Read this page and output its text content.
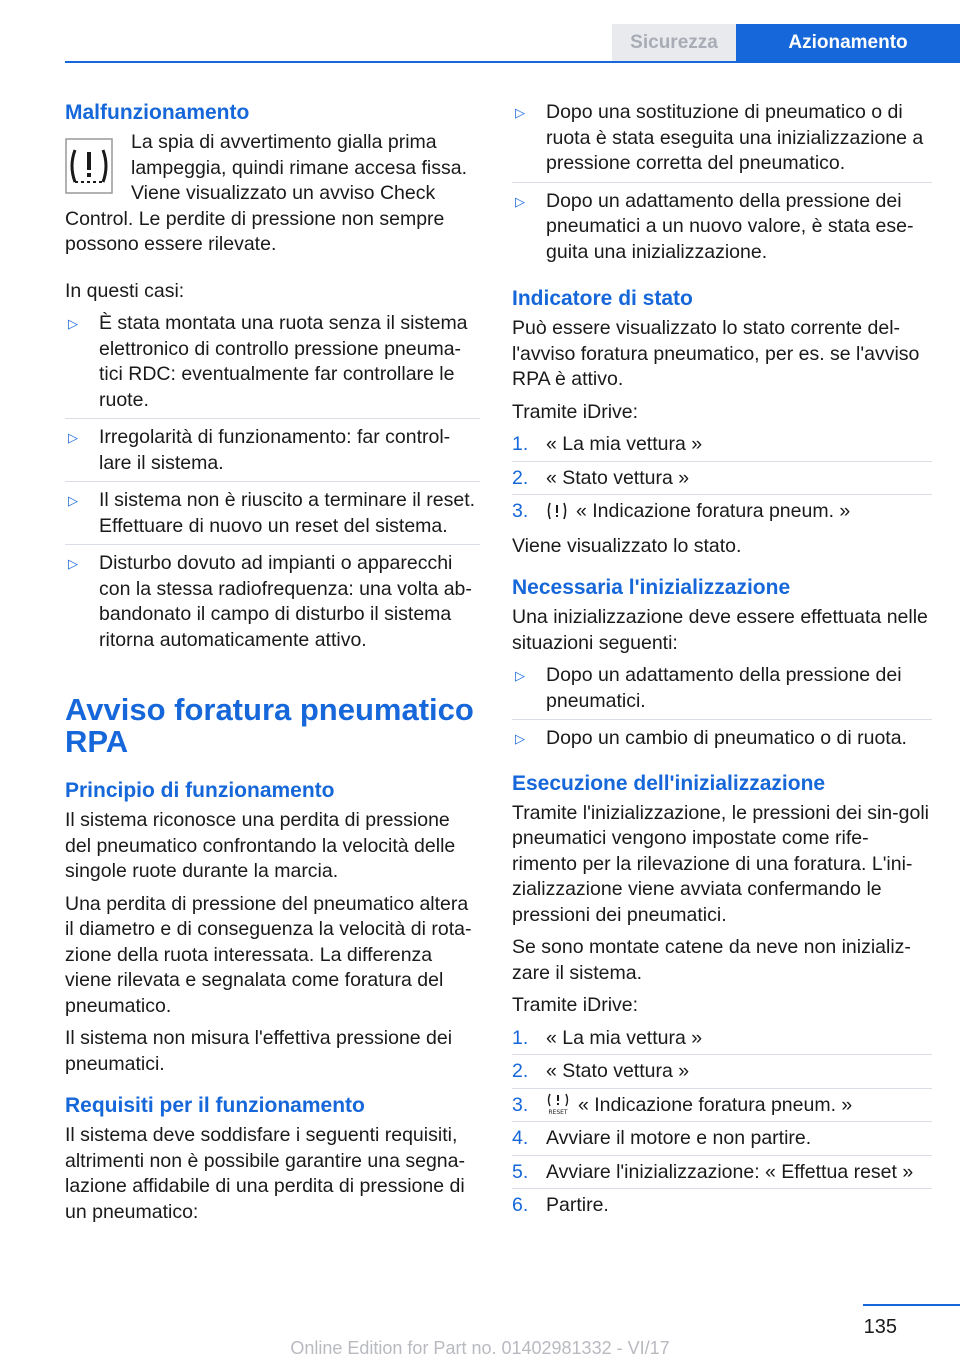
Sicurezza	Azionamento
Malfunzionamento

La spia di avvertimento gialla prima lampeggia, quindi rimane accesa fissa. Viene visualizzato un avviso Check Control. Le perdite di pressione non sempre possono essere rilevate.

In questi casi:

▷ È stata montata una ruota senza il sistema elettronico di controllo pressione pneuma‐tici RDC: eventualmente far controllare le ruote.
▷ Irregolarità di funzionamento: far control‐lare il sistema.
▷ Il sistema non è riuscito a terminare il reset. Effettuare di nuovo un reset del sistema.
▷ Disturbo dovuto ad impianti o apparecchi con la stessa radiofrequenza: una volta ab‐bandonato il campo di disturbo il sistema ritorna automaticamente attivo.
Avviso foratura pneumatico RPA
Principio di funzionamento

Il sistema riconosce una perdita di pressione del pneumatico confrontando la velocità delle singole ruote durante la marcia.

Una perdita di pressione del pneumatico altera il diametro e di conseguenza la velocità di rota‐zione della ruota interessata. La differenza viene rilevata e segnalata come foratura del pneumatico.

Il sistema non misura l'effettiva pressione dei pneumatici.

Requisiti per il funzionamento

Il sistema deve soddisfare i seguenti requisiti, altrimenti non è possibile garantire una segna‐lazione affidabile di una perdita di pressione di un pneumatico:

▷ Dopo una sostituzione di pneumatico o di ruota è stata eseguita una inizializzazione a pressione corretta del pneumatico.
▷ Dopo un adattamento della pressione dei pneumatici a un nuovo valore, è stata ese‐guita una inizializzazione.
Indicatore di stato

Può essere visualizzato lo stato corrente del‐l'avviso foratura pneumatico, per es. se l'avviso RPA è attivo.

Tramite iDrive:

1. « La mia vettura »
2. « Stato vettura »
3. « Indicazione foratura pneum. »

Viene visualizzato lo stato.

Necessaria l'inizializzazione

Una inizializzazione deve essere effettuata nelle situazioni seguenti:

▷ Dopo un adattamento della pressione dei pneumatici.
▷ Dopo un cambio di pneumatico o di ruota.
Esecuzione dell'inizializzazione

Tramite l'inizializzazione, le pressioni dei sin‐goli pneumatici vengono impostate come rife‐rimento per la rilevazione di una foratura. L'ini‐zializzazione viene avviata confermando le pressioni dei pneumatici.

Se sono montate catene da neve non inizializ‐zare il sistema.

Tramite iDrive:

1. « La mia vettura »
2. « Stato vettura »
3.	RESET « Indicazione foratura pneum. »
4. Avviare il motore e non partire.
5. Avviare l'inizializzazione: « Effettua reset »
6. Partire.
135
Online Edition for Part no. 01402981332 - VI/17
